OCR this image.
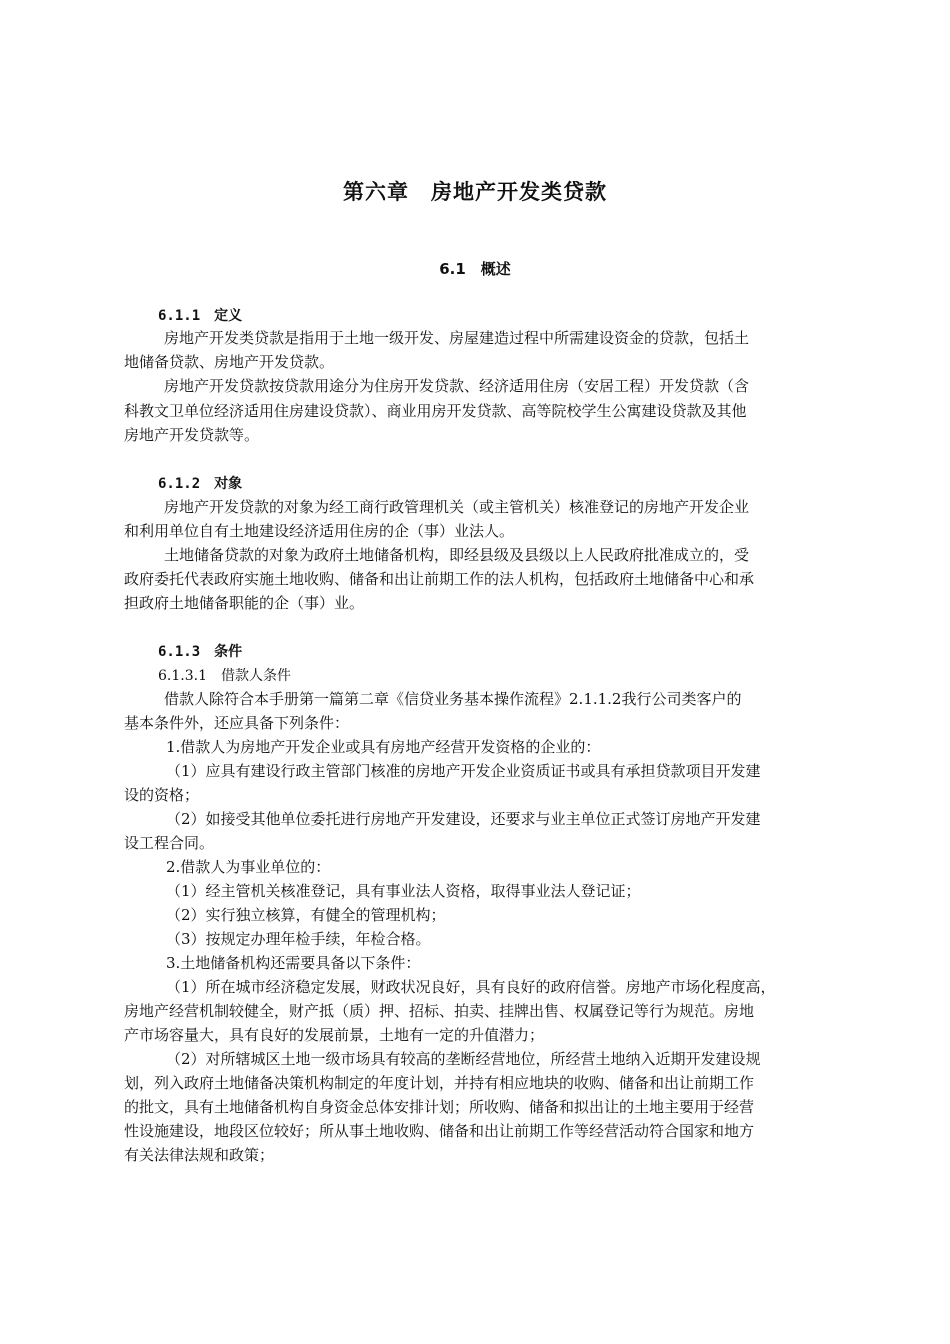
第六章　房地产开发类贷款
6.1　概述
6.1.1　定义
房地产开发类贷款是指用于土地一级开发、房屋建造过程中所需建设资金的贷款，包括土
地储备贷款、房地产开发贷款。
房地产开发贷款按贷款用途分为住房开发贷款、经济适用住房（安居工程）开发贷款（含
科教文卫单位经济适用住房建设贷款）、商业用房开发贷款、高等院校学生公寓建设贷款及其他
房地产开发贷款等。
6.1.2　对象
房地产开发贷款的对象为经工商行政管理机关（或主管机关）核准登记的房地产开发企业
和利用单位自有土地建设经济适用住房的企（事）业法人。
土地储备贷款的对象为政府土地储备机构，即经县级及县级以上人民政府批准成立的，受
政府委托代表政府实施土地收购、储备和出让前期工作的法人机构，包括政府土地储备中心和承
担政府土地储备职能的企（事）业。
6.1.3　条件
6.1.3.1　借款人条件
借款人除符合本手册第一篇第二章《信贷业务基本操作流程》2.1.1.2我行公司类客户的
基本条件外，还应具备下列条件：
1.借款人为房地产开发企业或具有房地产经营开发资格的企业的：
（1）应具有建设行政主管部门核准的房地产开发企业资质证书或具有承担贷款项目开发建
设的资格；
（2）如接受其他单位委托进行房地产开发建设，还要求与业主单位正式签订房地产开发建
设工程合同。
2.借款人为事业单位的：
（1）经主管机关核准登记，具有事业法人资格，取得事业法人登记证；
（2）实行独立核算，有健全的管理机构；
（3）按规定办理年检手续，年检合格。
3.土地储备机构还需要具备以下条件：
（1）所在城市经济稳定发展，财政状况良好，具有良好的政府信誉。房地产市场化程度高，
房地产经营机制较健全，财产抵（质）押、招标、拍卖、挂牌出售、权属登记等行为规范。房地
产市场容量大，具有良好的发展前景，土地有一定的升值潜力；
（2）对所辖城区土地一级市场具有较高的垄断经营地位，所经营土地纳入近期开发建设规
划，列入政府土地储备决策机构制定的年度计划，并持有相应地块的收购、储备和出让前期工作
的批文，具有土地储备机构自身资金总体安排计划；所收购、储备和拟出让的土地主要用于经营
性设施建设，地段区位较好；所从事土地收购、储备和出让前期工作等经营活动符合国家和地方
有关法律法规和政策；
